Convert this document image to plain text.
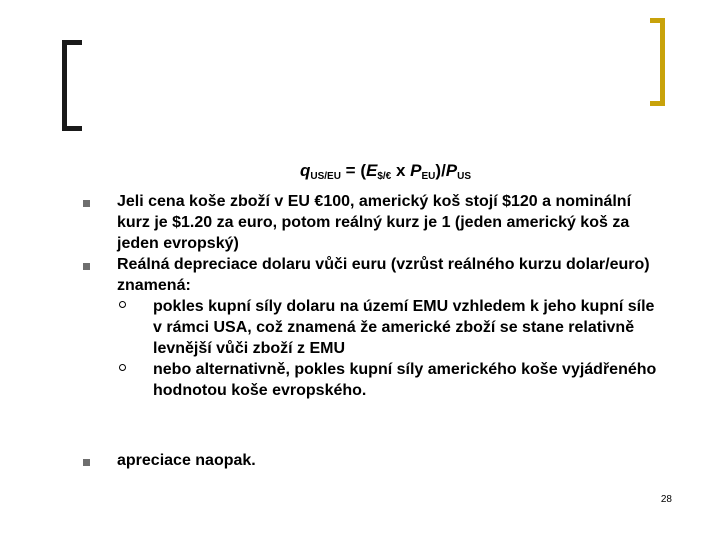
$q_{US/EU} = (E_{\$/€}$ x $P_{EU})/P_{US}$
Jeli cena koše zboží v EU €100, americký koš stojí $120 a nominální kurz je $1.20 za euro, potom reálný kurz je 1 (jeden americký koš za jeden evropský)
Reálná depreciace dolaru vůči euru (vzrůst reálného kurzu dolar/euro) znamená:
pokles kupní síly dolaru na území EMU vzhledem k jeho kupní síle v rámci USA, což znamená že americké zboží se stane relativně levnější vůči zboží z EMU
nebo alternativně, pokles kupní síly amerického koše vyjádřeného hodnotou koše evropského.
apreciace naopak.
28
